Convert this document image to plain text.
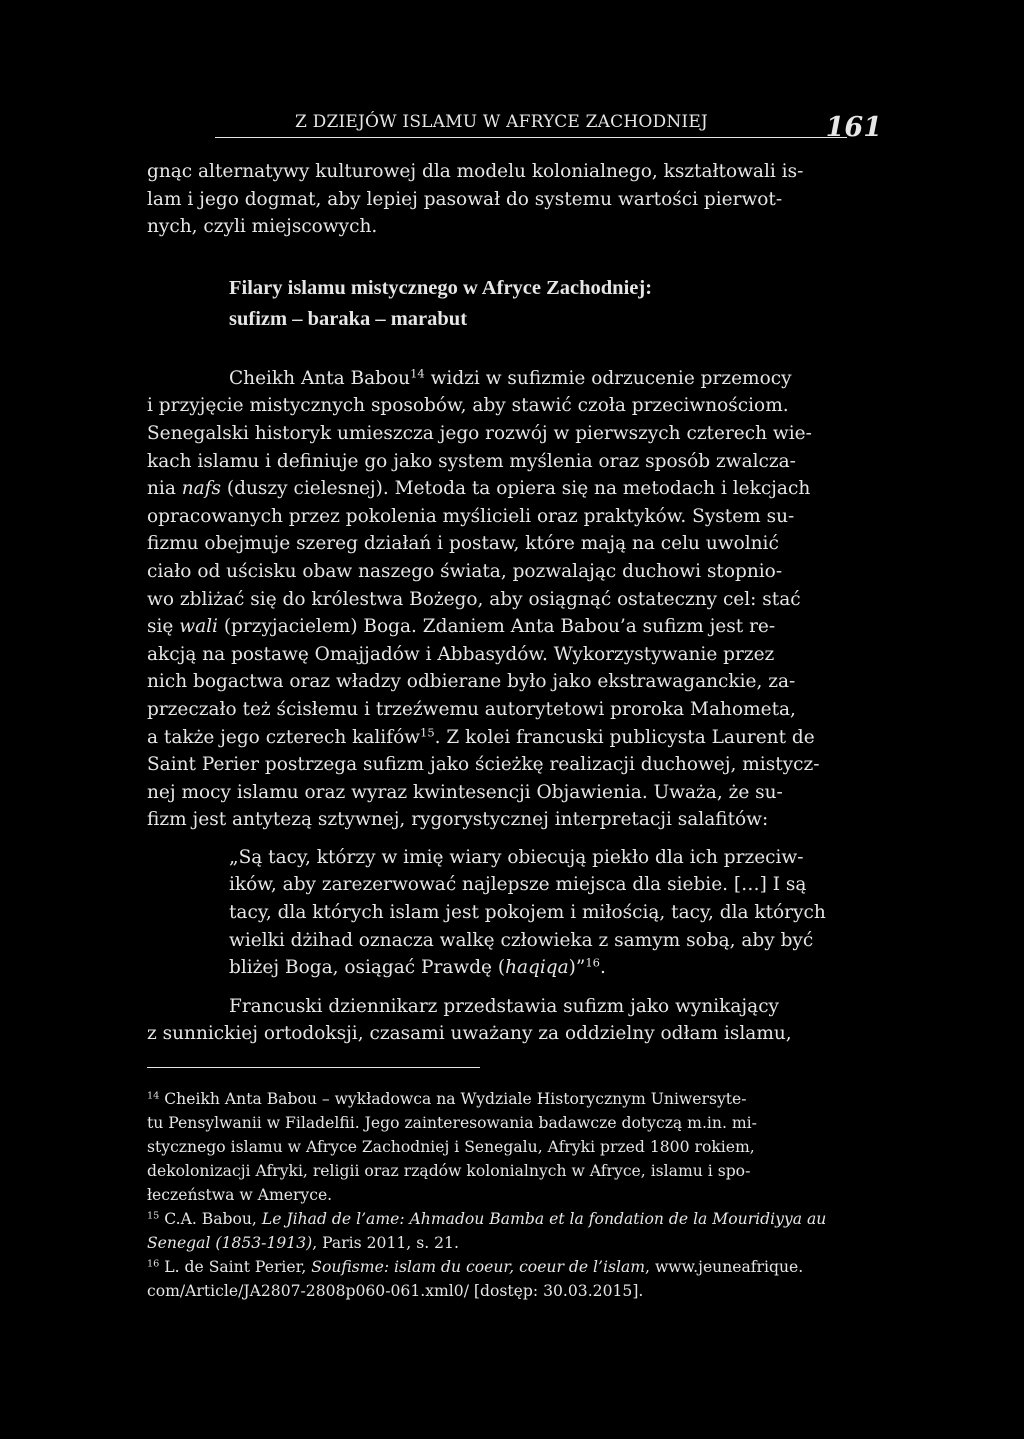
Z DZIEJÓW ISLAMU W AFRYCE ZACHODNIEJ	161

gnąc alternatywy kulturowej dla modelu kolonialnego, kształtowali is-
lam i jego dogmat, aby lepiej pasował do systemu wartości pierwot-
nych, czyli miejscowych.

Filary islamu mistycznego w Afryce Zachodniej:
sufizm – baraka – marabut

Cheikh Anta Babou$^{14}$ widzi w sufizmie odrzucenie przemocy
i przyjęcie mistycznych sposobów, aby stawić czoła przeciwnościom.
Senegalski historyk umieszcza jego rozwój w pierwszych czterech wie-
kach islamu i definiuje go jako system myślenia oraz sposób zwalcza-
nia nafs (duszy cielesnej). Metoda ta opiera się na metodach i lekcjach
opracowanych przez pokolenia myślicieli oraz praktyków. System su-
fizmu obejmuje szereg działań i postaw, które mają na celu uwolnić
ciało od uścisku obaw naszego świata, pozwalając duchowi stopnio-
wo zbliżać się do królestwa Bożego, aby osiągnąć ostateczny cel: stać
się wali (przyjacielem) Boga. Zdaniem Anta Babou’a sufizm jest re-
akcją na postawę Omajjadów i Abbasydów. Wykorzystywanie przez
nich bogactwa oraz władzy odbierane było jako ekstrawaganckie, za-
przeczało też ścisłemu i trzeźwemu autorytetowi proroka Mahometa,
a także jego czterech kalifów$^{15}$. Z kolei francuski publicysta Laurent de
Saint Perier postrzega sufizm jako ścieżkę realizacji duchowej, mistycz-
nej mocy islamu oraz wyraz kwintesencji Objawienia. Uważa, że su-
fizm jest antytezą sztywnej, rygorystycznej interpretacji salafitów:

„Są tacy, którzy w imię wiary obiecują piekło dla ich przeciw-
ików, aby zarezerwować najlepsze miejsca dla siebie. […] I są
tacy, dla których islam jest pokojem i miłością, tacy, dla których
wielki dżihad oznacza walkę człowieka z samym sobą, aby być
bliżej Boga, osiągać Prawdę (haqiqa)”$^{16}$.

Francuski dziennikarz przedstawia sufizm jako wynikający
z sunnickiej ortodoksji, czasami uważany za oddzielny odłam islamu,

$^{14}$ Cheikh Anta Babou – wykładowca na Wydziale Historycznym Uniwersyte-
tu Pensylwanii w Filadelfii. Jego zainteresowania badawcze dotyczą m.in. mi-
stycznego islamu w Afryce Zachodniej i Senegalu, Afryki przed 1800 rokiem,
dekolonizacji Afryki, religii oraz rządów kolonialnych w Afryce, islamu i spo-
łeczeństwa w Ameryce.
$^{15}$ C.A. Babou, Le Jihad de l’ame: Ahmadou Bamba et la fondation de la Mouridiyya au
Senegal (1853-1913), Paris 2011, s. 21.
$^{16}$ L. de Saint Perier, Soufisme: islam du coeur, coeur de l’islam, www.jeuneafrique.
com/Article/JA2807-2808p060-061.xml0/ [dostęp: 30.03.2015].
